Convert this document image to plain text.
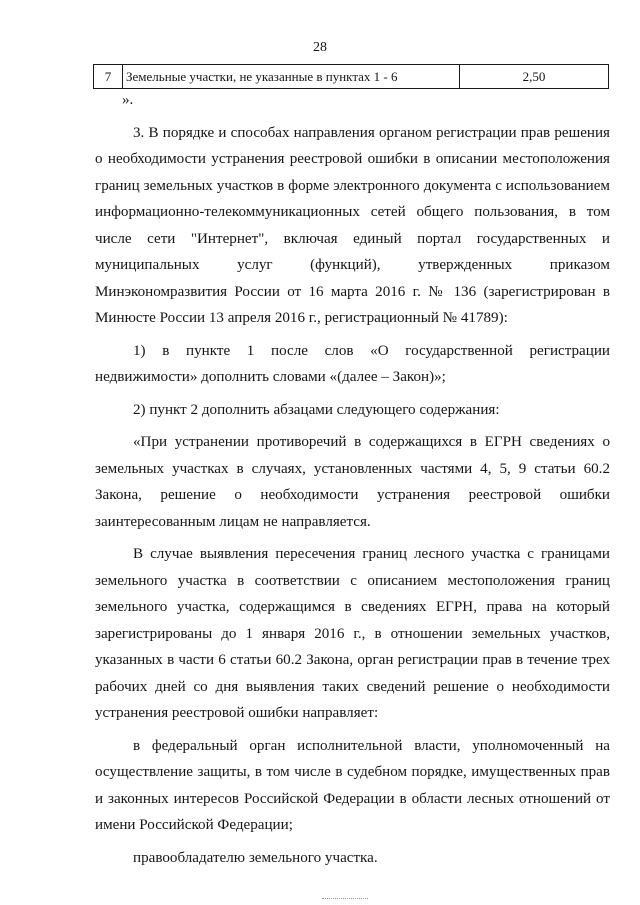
28
7	Земельные участки, не указанные в пунктах 1 - 6	2,50

».

3. В порядке и способах направления органом регистрации прав решения о необходимости устранения реестровой ошибки в описании местоположения границ земельных участков в форме электронного документа с использованием информационно-телекоммуникационных сетей общего пользования, в том числе сети "Интернет", включая единый портал государственных и муниципальных услуг (функций), утвержденных приказом Минэкономразвития России от 16 марта 2016 г. № 136 (зарегистрирован в Минюсте России 13 апреля 2016 г., регистрационный № 41789):

1) в пункте 1 после слов «О государственной регистрации недвижимости» дополнить словами «(далее – Закон)»;

2) пункт 2 дополнить абзацами следующего содержания:

«При устранении противоречий в содержащихся в ЕГРН сведениях о земельных участках в случаях, установленных частями 4, 5, 9 статьи 60.2 Закона, решение о необходимости устранения реестровой ошибки заинтересованным лицам не направляется.

В случае выявления пересечения границ лесного участка с границами земельного участка в соответствии с описанием местоположения границ земельного участка, содержащимся в сведениях ЕГРН, права на который зарегистрированы до 1 января 2016 г., в отношении земельных участков, указанных в части 6 статьи 60.2 Закона, орган регистрации прав в течение трех рабочих дней со дня выявления таких сведений решение о необходимости устранения реестровой ошибки направляет:

в федеральный орган исполнительной власти, уполномоченный на осуществление защиты, в том числе в судебном порядке, имущественных прав и законных интересов Российской Федерации в области лесных отношений от имени Российской Федерации;

правообладателю земельного участка.
